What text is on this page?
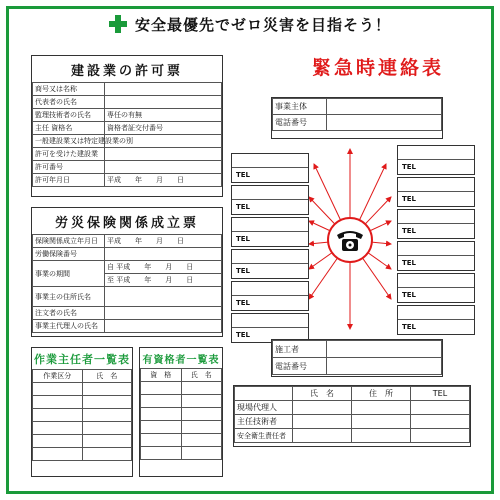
安全最優先でゼロ災害を目指そう！
建設業の許可票
商号又は名称	
代表者の氏名	
監理技術者の氏名	専任の有無
主任 資格名	資格者証交付番号
一般建設業又は特定建設業の別	
許可を受けた建設業	
許可番号	
許可年月日	平成　　年　　月　　日
労災保険関係成立票
保険関係成立年月日	平成　　年　　月　　日
労働保険番号	
事業の期間	自 平成　　年　　月　　日
	至 平成　　年　　月　　日
事業主の住所氏名	
注文者の氏名	
事業主代理人の氏名	
作業主任者一覧表
作業区分	氏　名

有資格者一覧表
資　格	氏　名

緊急時連絡表
事業主体	
電話番号	
TEL
TEL
TEL
TEL
TEL
TEL
TEL
TEL
TEL
TEL
TEL
TEL
施工者	
電話番号	
	氏　名	住　所	TEL
現場代理人			
主任技術者			
安全衛生責任者			
